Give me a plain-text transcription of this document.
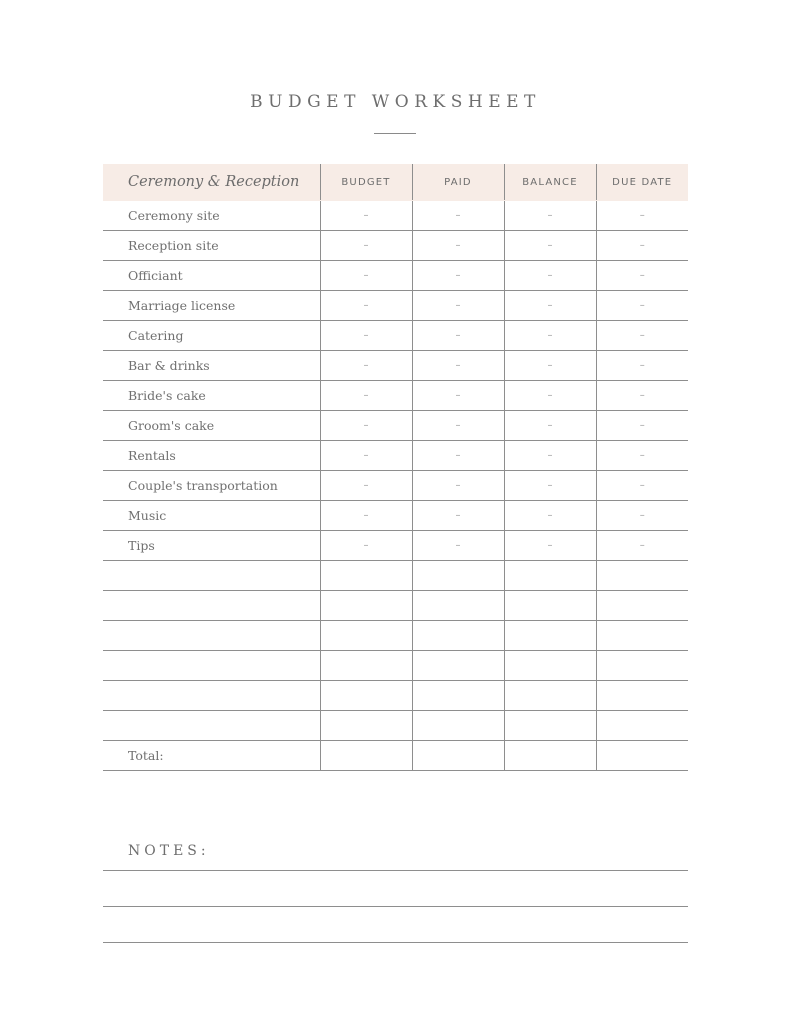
BUDGET WORKSHEET
Ceremony & Reception	BUDGET	PAID	BALANCE	DUE DATE
Ceremony site	–	–	–	–
Reception site	–	–	–	–
Officiant	–	–	–	–
Marriage license	–	–	–	–
Catering	–	–	–	–
Bar & drinks	–	–	–	–
Bride's cake	–	–	–	–
Groom's cake	–	–	–	–
Rentals	–	–	–	–
Couple's transportation	–	–	–	–
Music	–	–	–	–
Tips	–	–	–	–

Total:				
NOTES:
